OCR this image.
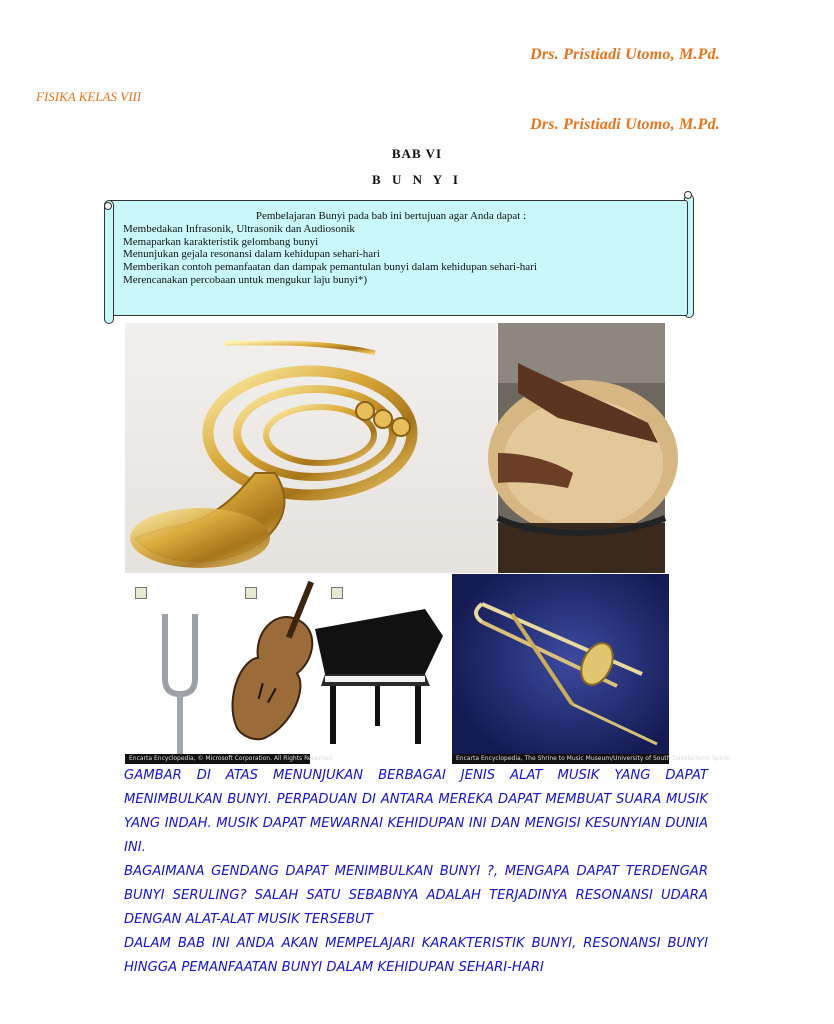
Drs. Pristiadi Utomo, M.Pd.
FISIKA KELAS VIII
Drs. Pristiadi Utomo, M.Pd.
BAB VI
B U N Y I
Pembelajaran Bunyi pada bab ini bertujuan agar Anda dapat :
Membedakan Infrasonik, Ultrasonik dan Audiosonik
Memaparkan karakteristik gelombang bunyi
Menunjukan gejala resonansi dalam kehidupan sehari-hari
Memberikan contoh pemanfaatan dan dampak pemantulan bunyi dalam kehidupan sehari-hari
Merencanakan percobaan untuk mengukur laju bunyi*)
Encarta Encyclopedia, © Microsoft Corporation. All Rights Reserved.	Encarta Encyclopedia, The Shrine to Music Museum/University of South Dakota/Sims Spicer
GAMBAR DI ATAS MENUNJUKAN BERBAGAI JENIS ALAT MUSIK YANG DAPAT MENIMBULKAN BUNYI. PERPADUAN DI ANTARA MEREKA DAPAT MEMBUAT SUARA MUSIK YANG INDAH. MUSIK DAPAT MEWARNAI KEHIDUPAN INI DAN MENGISI KESUNYIAN DUNIA INI.
BAGAIMANA GENDANG DAPAT MENIMBULKAN BUNYI ?, MENGAPA DAPAT TERDENGAR BUNYI SERULING? SALAH SATU SEBABNYA ADALAH TERJADINYA RESONANSI UDARA DENGAN ALAT-ALAT MUSIK TERSEBUT
DALAM BAB INI ANDA AKAN MEMPELAJARI KARAKTERISTIK BUNYI, RESONANSI BUNYI HINGGA PEMANFAATAN BUNYI DALAM KEHIDUPAN SEHARI-HARI
